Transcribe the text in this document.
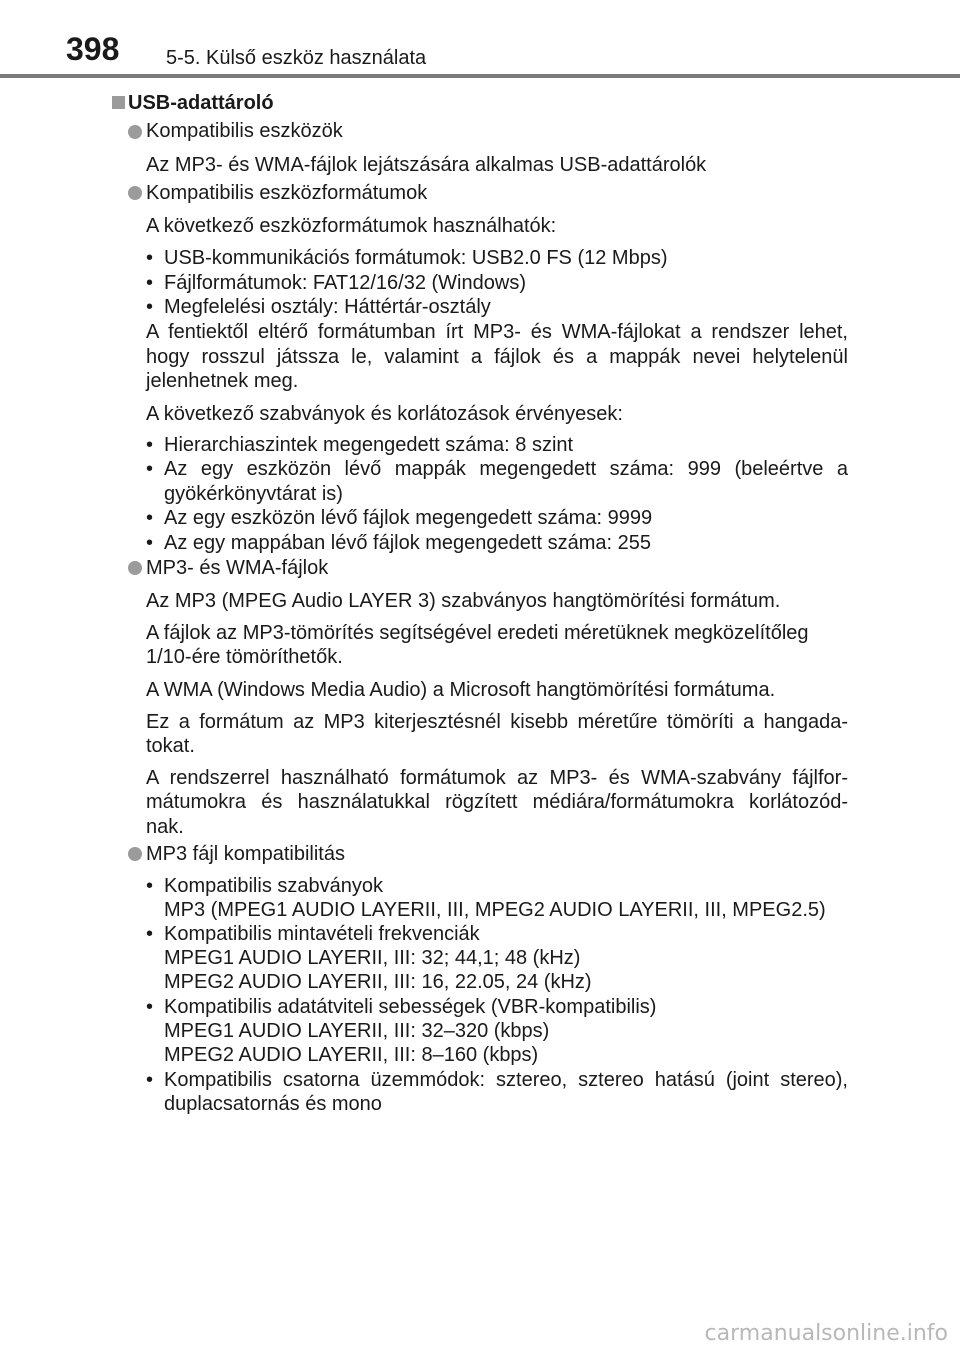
398 5-5. Külső eszköz használata
USB-adattároló
Kompatibilis eszközök
Az MP3- és WMA-fájlok lejátszására alkalmas USB-adattárolók
Kompatibilis eszközformátumok
A következő eszközformátumok használhatók:
• USB-kommunikációs formátumok: USB2.0 FS (12 Mbps)
• Fájlformátumok: FAT12/16/32 (Windows)
• Megfelelési osztály: Háttértár-osztály
A fentiektől eltérő formátumban írt MP3- és WMA-fájlokat a rendszer lehet,
hogy rosszul játssza le, valamint a fájlok és a mappák nevei helytelenül
jelenhetnek meg.
A következő szabványok és korlátozások érvényesek:
• Hierarchiaszintek megengedett száma: 8 szint
• Az egy eszközön lévő mappák megengedett száma: 999 (beleértve a
gyökérkönyvtárat is)
• Az egy eszközön lévő fájlok megengedett száma: 9999
• Az egy mappában lévő fájlok megengedett száma: 255
MP3- és WMA-fájlok
Az MP3 (MPEG Audio LAYER 3) szabványos hangtömörítési formátum.
A fájlok az MP3-tömörítés segítségével eredeti méretüknek megközelítőleg
1/10-ére tömöríthetők.
A WMA (Windows Media Audio) a Microsoft hangtömörítési formátuma.
Ez a formátum az MP3 kiterjesztésnél kisebb méretűre tömöríti a hangada-
tokat.
A rendszerrel használható formátumok az MP3- és WMA-szabvány fájlfor-
mátumokra és használatukkal rögzített médiára/formátumokra korlátozód-
nak.
MP3 fájl kompatibilitás
• Kompatibilis szabványok
MP3 (MPEG1 AUDIO LAYERII, III, MPEG2 AUDIO LAYERII, III, MPEG2.5)
• Kompatibilis mintavételi frekvenciák
MPEG1 AUDIO LAYERII, III: 32; 44,1; 48 (kHz)
MPEG2 AUDIO LAYERII, III: 16, 22.05, 24 (kHz)
• Kompatibilis adatátviteli sebességek (VBR-kompatibilis)
MPEG1 AUDIO LAYERII, III: 32–320 (kbps)
MPEG2 AUDIO LAYERII, III: 8–160 (kbps)
• Kompatibilis csatorna üzemmódok: sztereo, sztereo hatású (joint stereo),
duplacsatornás és mono
carmanualsonline.info
